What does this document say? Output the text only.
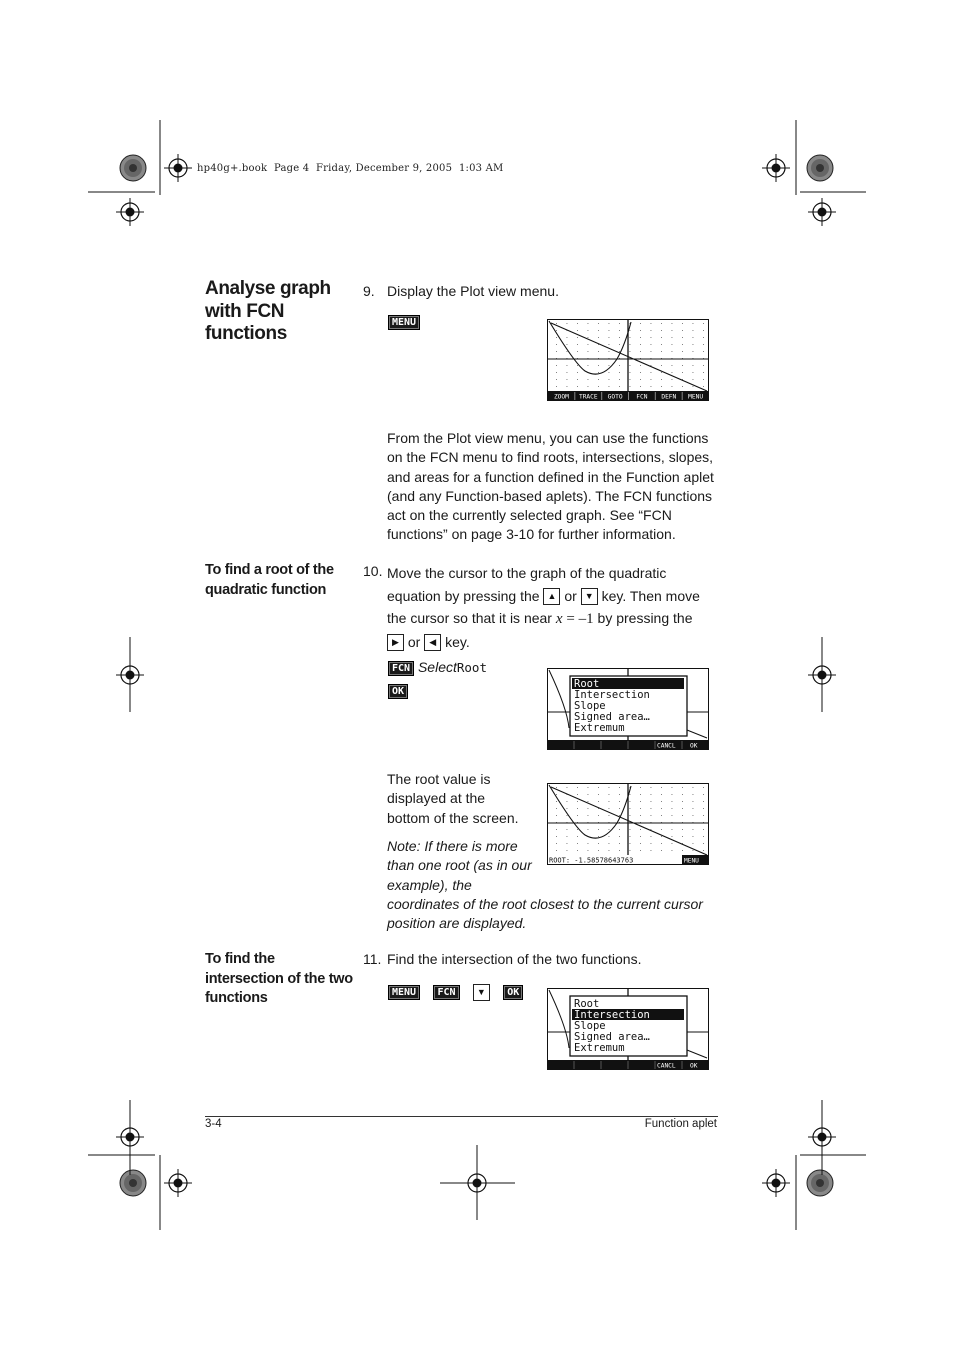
hp40g+.book  Page 4  Friday, December 9, 2005  1:03 AM
Analyse graph with FCN functions
9. Display the Plot view menu.
MENU
ZOOM TRACE GOTO FCN DEFN MENU
From the Plot view menu, you can use the functions on the FCN menu to find roots, intersections, slopes, and areas for a function defined in the Function aplet (and any Function-based aplets). The FCN functions act on the currently selected graph. See “FCN functions” on page 3-10 for further information.
To find a root of the quadratic function
10. Move the cursor to the graph of the quadratic
equation by pressing the ▲ or ▼ key. Then move
the cursor so that it is near x = –1 by pressing the
▶ or ◀ key.
FCN SelectRoot
OK
Root
Intersection
Slope
Signed area…
Extremum
CANCL OK
The root value is displayed at the bottom of the screen.
ROOT: -1.58578643763	MENU
Note: If there is more than one root (as in our example), the
coordinates of the root closest to the current cursor position are displayed.
To find the intersection of the two functions
11. Find the intersection of the two functions.
MENU FCN ▼ OK
Root
Intersection
Slope
Signed area…
Extremum
CANCL OK
3-4	Function aplet
